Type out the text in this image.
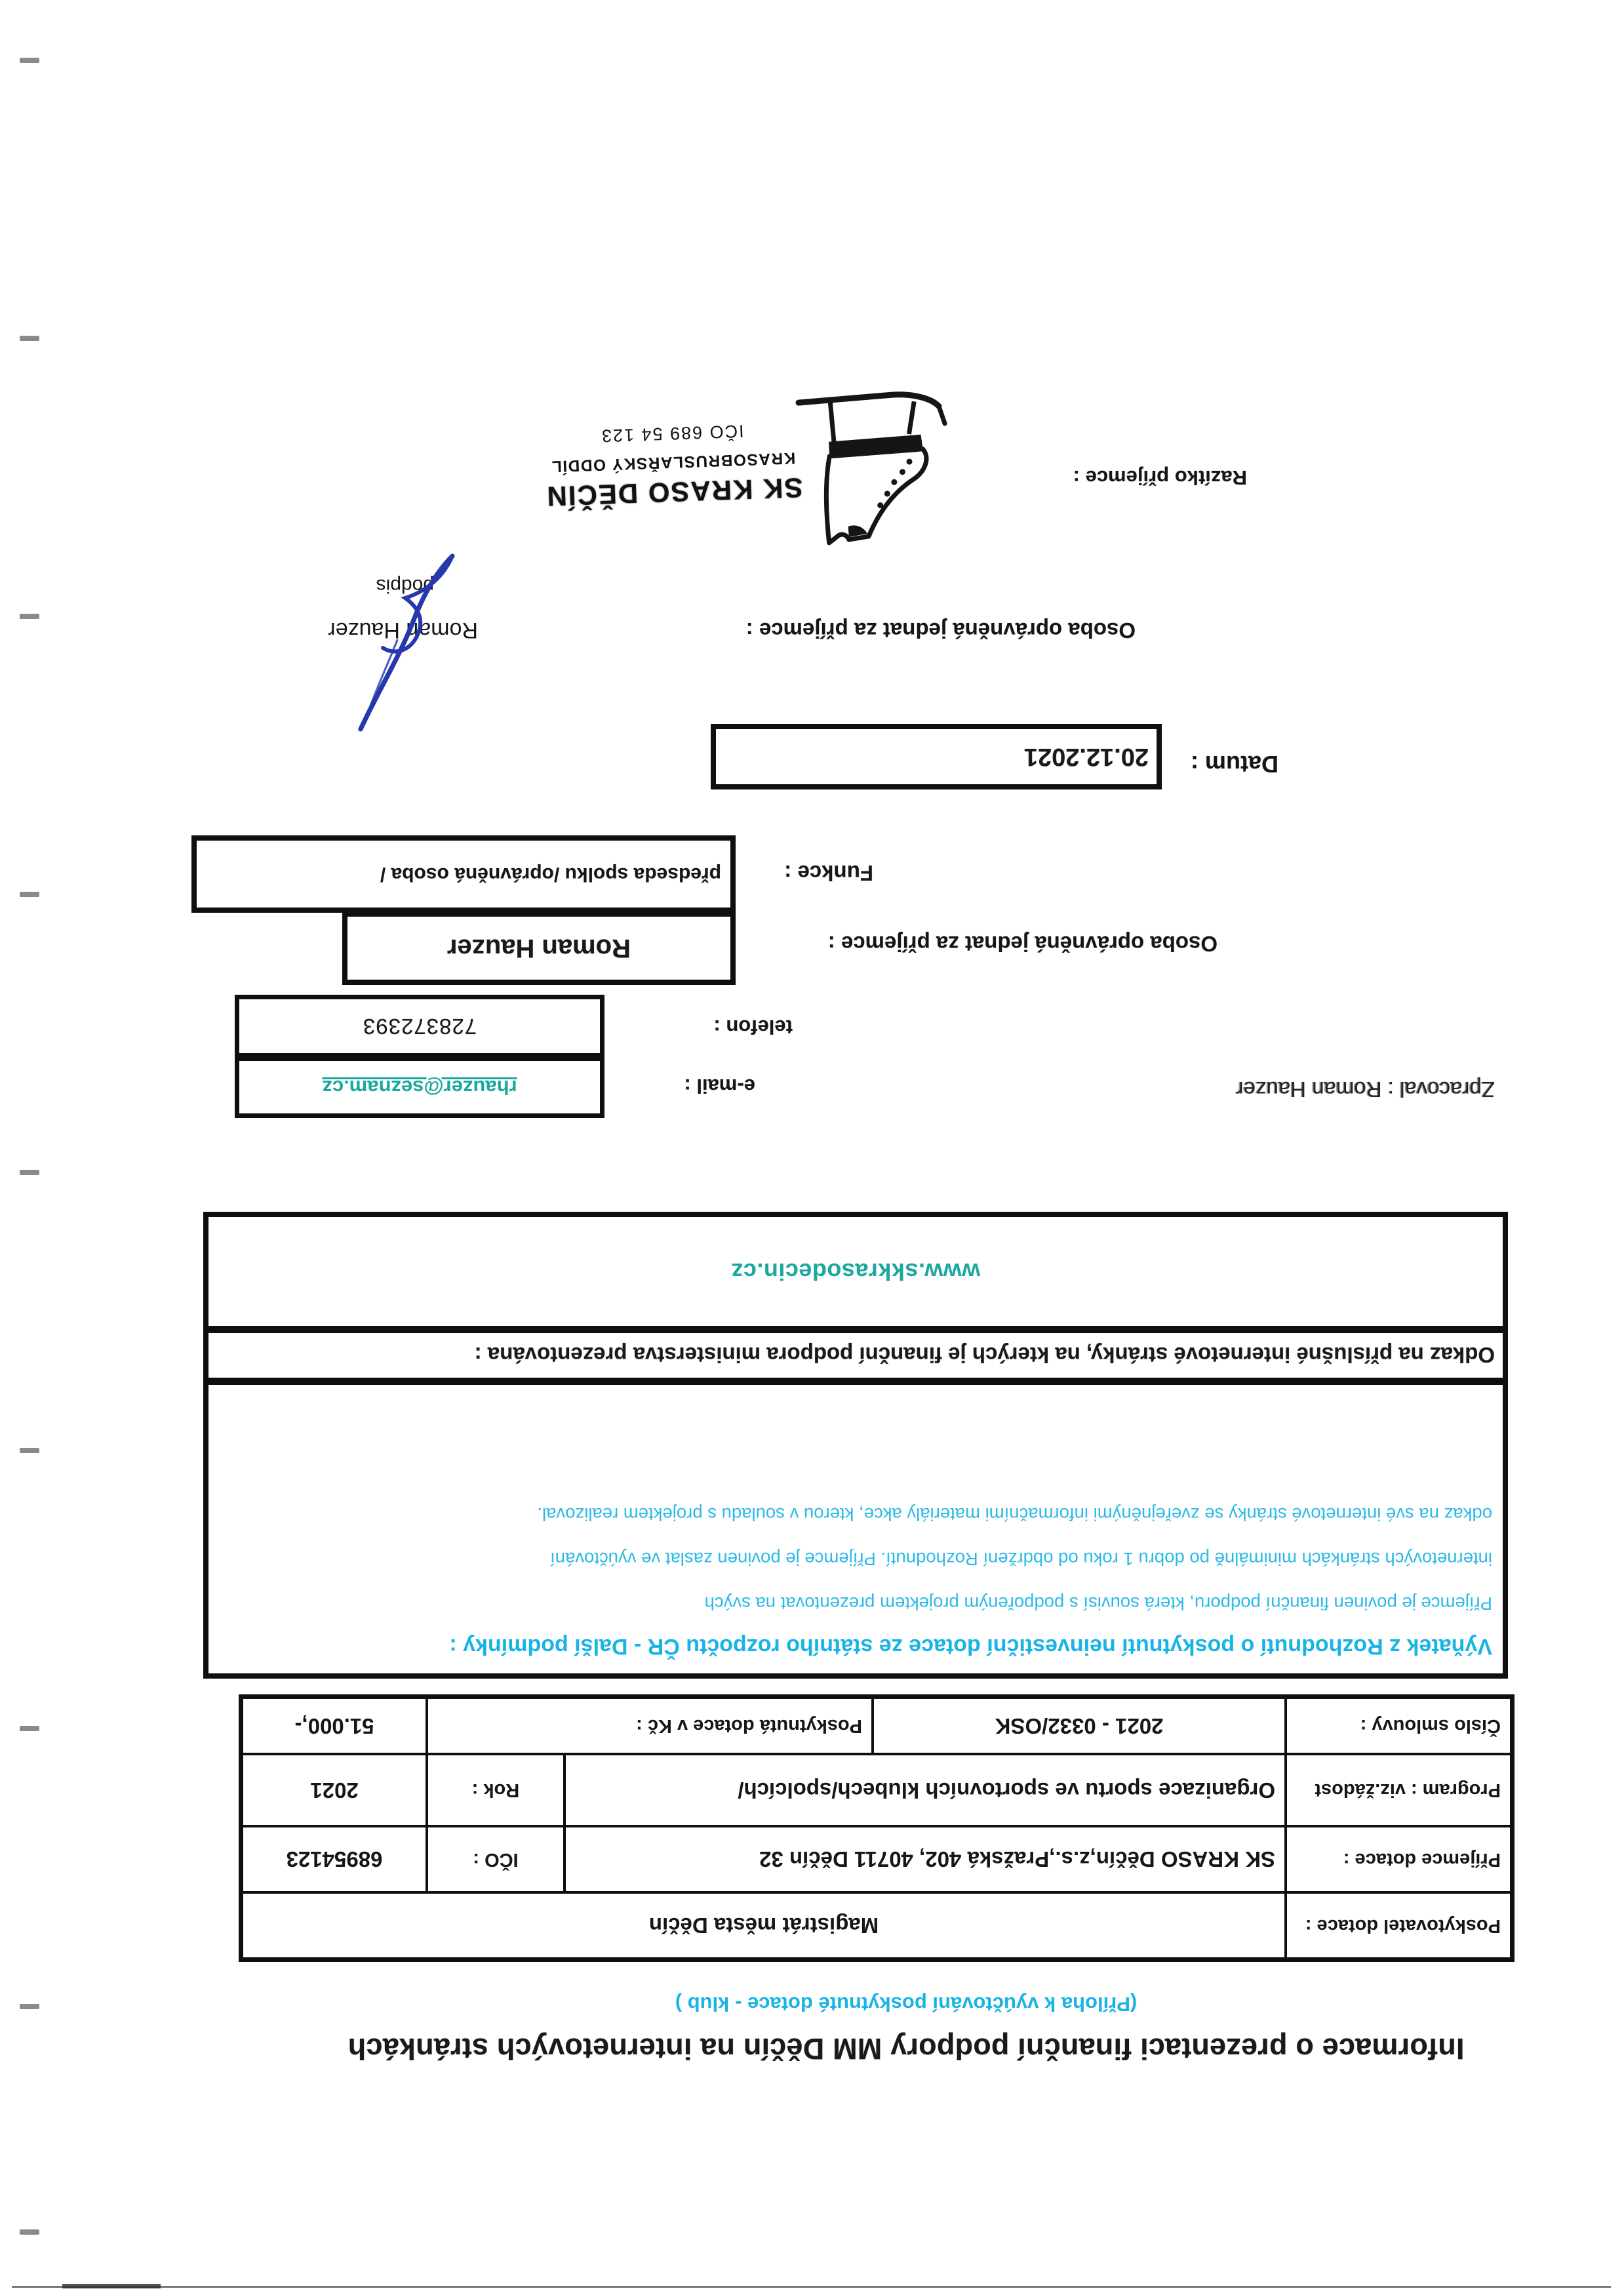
Informace o prezentaci finanční podpory MM Děčín na internetových stránkách
(Příloha k vyúčtování poskytnuté dotace - klub )
Poskytovatel dotace :
Magistrát města Děčín
Příjemce dotace :
SK KRASO Děčín,z.s.,Pražská 402, 40711 Děčín 32
IČO :
68954123
Program : viz.žádost
Organizace sportu ve sportovních klubech/spolcích/
Rok :
2021
Číslo smlouvy :
2021 - 0332/OSK
Poskytnutá dotace v Kč :
51.000,-
Výňatek z Rozhodnutí o poskytnutí neinvestiční dotace ze státního rozpočtu ČR - Další podmínky :
Příjemce je povinen finanční podporu, která souvisí s podpořeným projektem prezentovat na svých
internetových stránkách minimálně po dobru 1 roku od obdržení Rozhodnutí. Příjemce je povinen zaslat ve vyúčtování
odkaz na své internetové stránky se zveřejněnými informačními materiály akce, kterou v souladu s projektem realizoval.
Odkaz na příslušné internetové stránky, na kterých je finanční podpora ministerstva prezentována :
www.skkrasodecin.cz
Zpracoval : Roman Hauzer
e-mail :
rhauzer@seznam.cz
telefon :
728372393
Osoba oprávněná jednat za příjemce :
Roman Hauzer
Funkce :
předseda spolku /oprávněná osoba /
Datum :
20.12.2021
Osoba oprávněná jednat za příjemce :
Roman Hauzer
podpis
Razítko příjemce :
SK KRASO DĚČÍN
KRASOBRUSLAŘSKÝ ODDÍL
IČO 689 54 123
